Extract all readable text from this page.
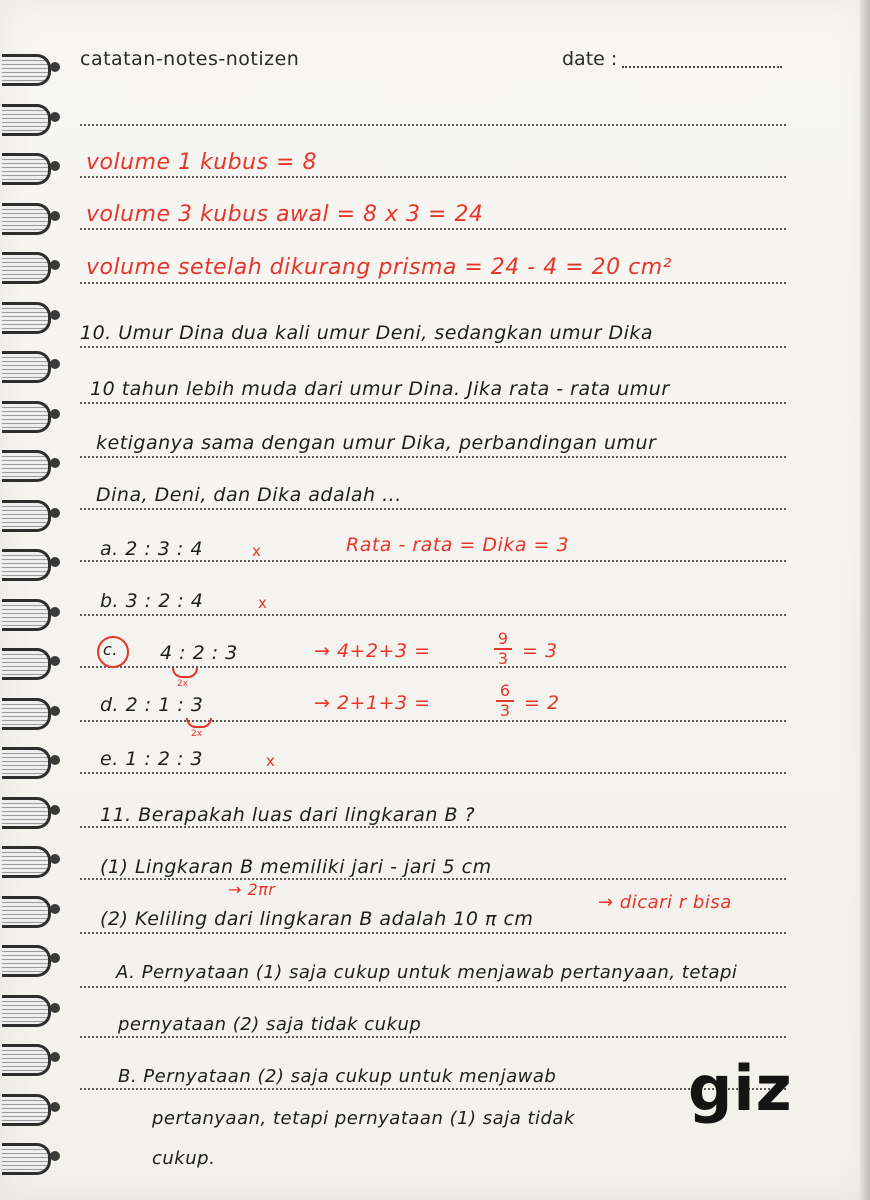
catatan-notes-notizen	date :
volume 1 kubus = 8
volume 3 kubus awal = 8 x 3 = 24
volume setelah dikurang prisma = 24 - 4 = 20 cm²
10. Umur Dina dua kali umur Deni, sedangkan umur Dika
10 tahun lebih muda dari umur Dina. Jika rata - rata umur
ketiganya sama dengan umur Dika, perbandingan umur
Dina, Deni, dan Dika adalah ...
a. 2 : 3 : 4	x	Rata - rata = Dika = 3
b. 3 : 2 : 4	x
c. 4 : 2 : 3	→ 4+2+3 =
9
3 = 3
2x
d. 2 : 1 : 3	→ 2+1+3 =
6
3 = 2
2x
e. 1 : 2 : 3	x
11. Berapakah luas dari lingkaran B ?
(1) Lingkaran B memiliki jari - jari 5 cm
→ 2πr
(2) Keliling dari lingkaran B adalah 10 π cm
→ dicari r bisa
A. Pernyataan (1) saja cukup untuk menjawab pertanyaan, tetapi
pernyataan (2) saja tidak cukup
B. Pernyataan (2) saja cukup untuk menjawab
pertanyaan, tetapi pernyataan (1) saja tidak
cukup.
giz
